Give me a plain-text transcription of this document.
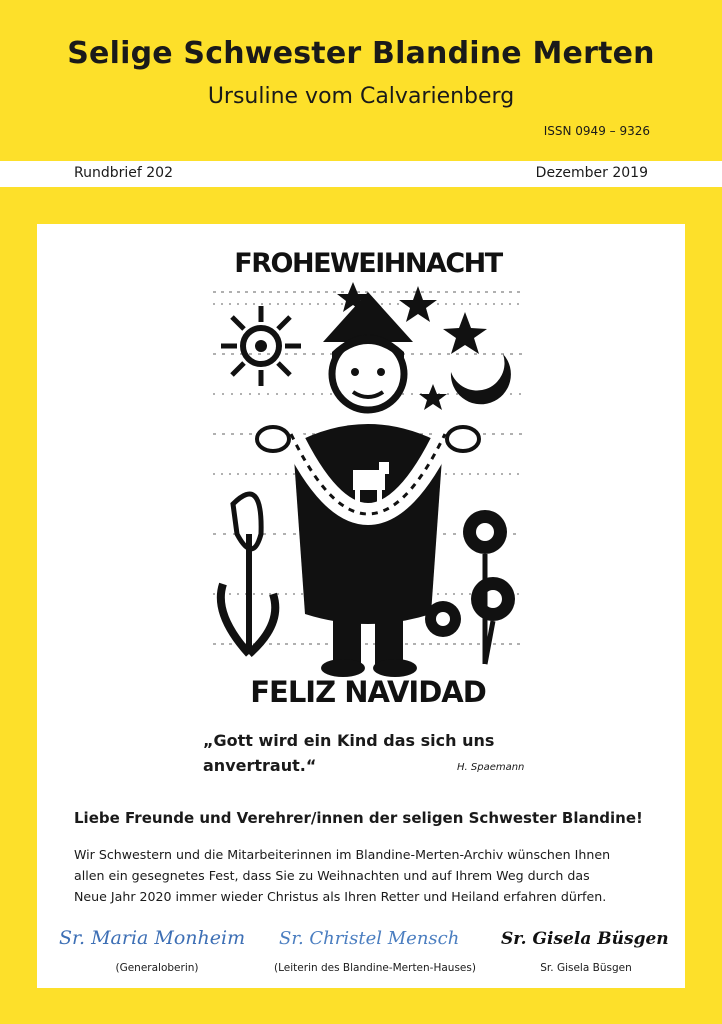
Selige Schwester Blandine Merten
Ursuline vom Calvarienberg
ISSN 0949 – 9326
Rundbrief 202	Dezember 2019
FROHEWEIHNACHT
FELIZ NAVIDAD
„Gott wird ein Kind das sich uns
anvertraut.“	H. Spaemann
Liebe Freunde und Verehrer/innen der seligen Schwester Blandine!
Wir Schwestern und die Mitarbeiterinnen im Blandine-Merten-Archiv wünschen Ihnen
allen ein gesegnetes Fest, dass Sie zu Weihnachten und auf Ihrem Weg durch das
Neue Jahr 2020 immer wieder Christus als Ihren Retter und Heiland erfahren dürfen.
Sr. Maria Monheim Sr. Christel Mensch Sr. Gisela Büsgen
(Generaloberin)	(Leiterin des Blandine-Merten-Hauses)	Sr. Gisela Büsgen
